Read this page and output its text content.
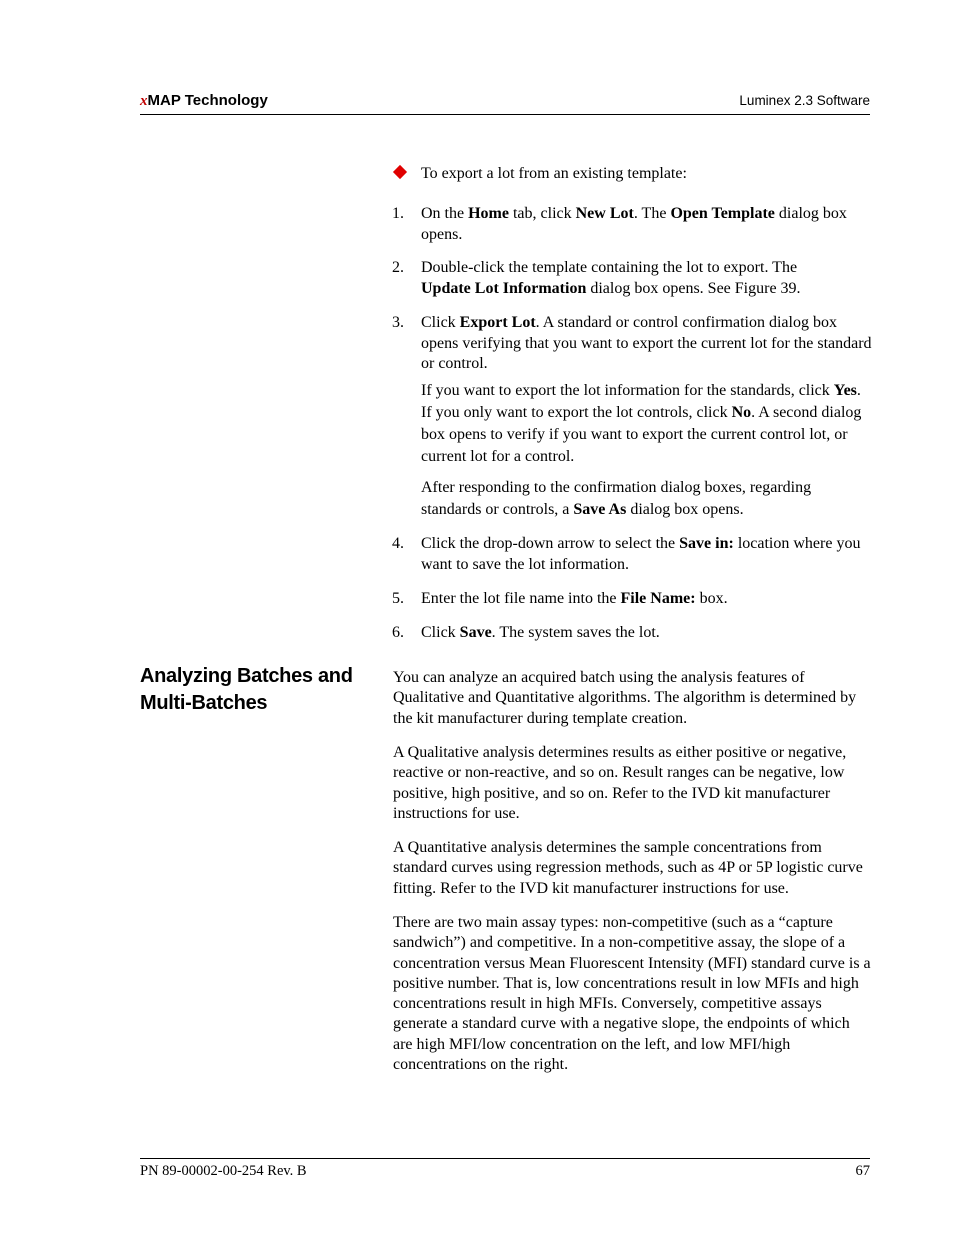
xMAP Technology	Luminex 2.3 Software
To export a lot from an existing template:
1. On the Home tab, click New Lot. The Open Template dialog box opens.
2. Double-click the template containing the lot to export. The Update Lot Information dialog box opens. See Figure 39.
3. Click Export Lot. A standard or control confirmation dialog box opens verifying that you want to export the current lot for the standard or control.
If you want to export the lot information for the standards, click Yes. If you only want to export the lot controls, click No. A second dialog box opens to verify if you want to export the current control lot, or current lot for a control.
After responding to the confirmation dialog boxes, regarding standards or controls, a Save As dialog box opens.
4. Click the drop-down arrow to select the Save in: location where you want to save the lot information.
5. Enter the lot file name into the File Name: box.
6. Click Save. The system saves the lot.
Analyzing Batches and Multi-Batches
You can analyze an acquired batch using the analysis features of Qualitative and Quantitative algorithms. The algorithm is determined by the kit manufacturer during template creation.
A Qualitative analysis determines results as either positive or negative, reactive or non-reactive, and so on. Result ranges can be negative, low positive, high positive, and so on. Refer to the IVD kit manufacturer instructions for use.
A Quantitative analysis determines the sample concentrations from standard curves using regression methods, such as 4P or 5P logistic curve fitting. Refer to the IVD kit manufacturer instructions for use.
There are two main assay types: non-competitive (such as a “capture sandwich”) and competitive. In a non-competitive assay, the slope of a concentration versus Mean Fluorescent Intensity (MFI) standard curve is a positive number. That is, low concentrations result in low MFIs and high concentrations result in high MFIs. Conversely, competitive assays generate a standard curve with a negative slope, the endpoints of which are high MFI/low concentration on the left, and low MFI/high concentrations on the right.
PN 89-00002-00-254 Rev. B	67
